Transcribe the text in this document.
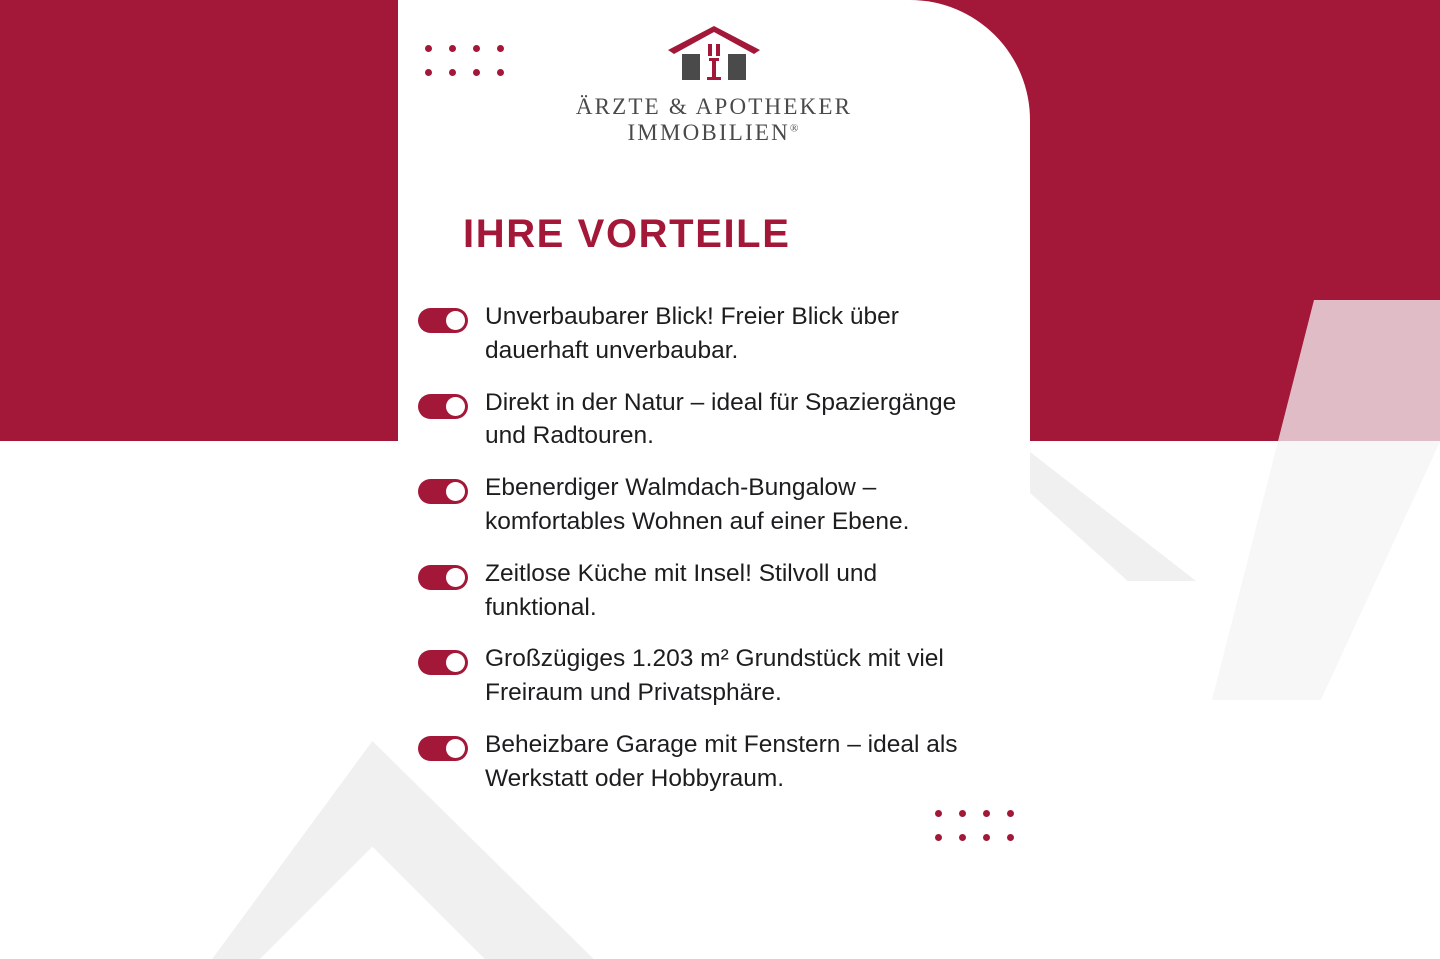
ÄRZTE & APOTHEKER
IMMOBILIEN®
IHRE VORTEILE
Unverbaubarer Blick! Freier Blick über dauerhaft unverbaubar.
Direkt in der Natur – ideal für Spaziergänge und Radtouren.
Ebenerdiger Walmdach-Bungalow – komfortables Wohnen auf einer Ebene.
Zeitlose Küche mit Insel! Stilvoll und funktional.
Großzügiges 1.203 m² Grundstück mit viel Freiraum und Privatsphäre.
Beheizbare Garage mit Fenstern – ideal als Werkstatt oder Hobbyraum.
